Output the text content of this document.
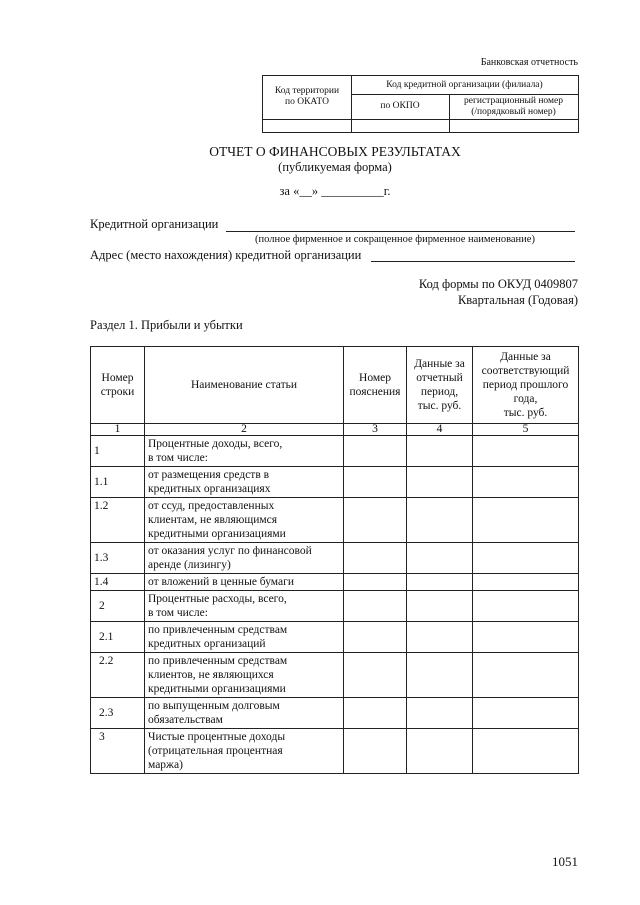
Банковская отчетность
Код территории
по ОКАТО
Код кредитной организации (филиала)
по ОКПО	регистрационный номер
(/порядковый номер)
ОТЧЕТ О ФИНАНСОВЫХ РЕЗУЛЬТАТАХ
(публикуемая форма)
за «__» __________г.
Кредитной организации
(полное фирменное и сокращенное фирменное наименование)
Адрес (место нахождения) кредитной организации
Код формы по ОКУД 0409807
Квартальная (Годовая)
Раздел 1. Прибыли и убытки
Номер
строки	Наименование статьи	Номер
пояснения	Данные за
отчетный
период,
тыс. руб.	Данные за
соответствующий
период прошлого
года,
тыс. руб.
1	2	3	4	5
1	Процентные доходы, всего,
в том числе:			
1.1	от размещения средств в
кредитных организациях			
1.2	от ссуд, предоставленных
клиентам, не являющимся
кредитными организациями			
1.3	от оказания услуг по финансовой
аренде (лизингу)			
1.4	от вложений в ценные бумаги			
2	Процентные расходы, всего,
в том числе:			
2.1	по привлеченным средствам
кредитных организаций			
2.2	по привлеченным средствам
клиентов, не являющихся
кредитными организациями			
2.3	по выпущенным долговым
обязательствам			
3	Чистые процентные доходы
(отрицательная процентная
маржа)			
1051
